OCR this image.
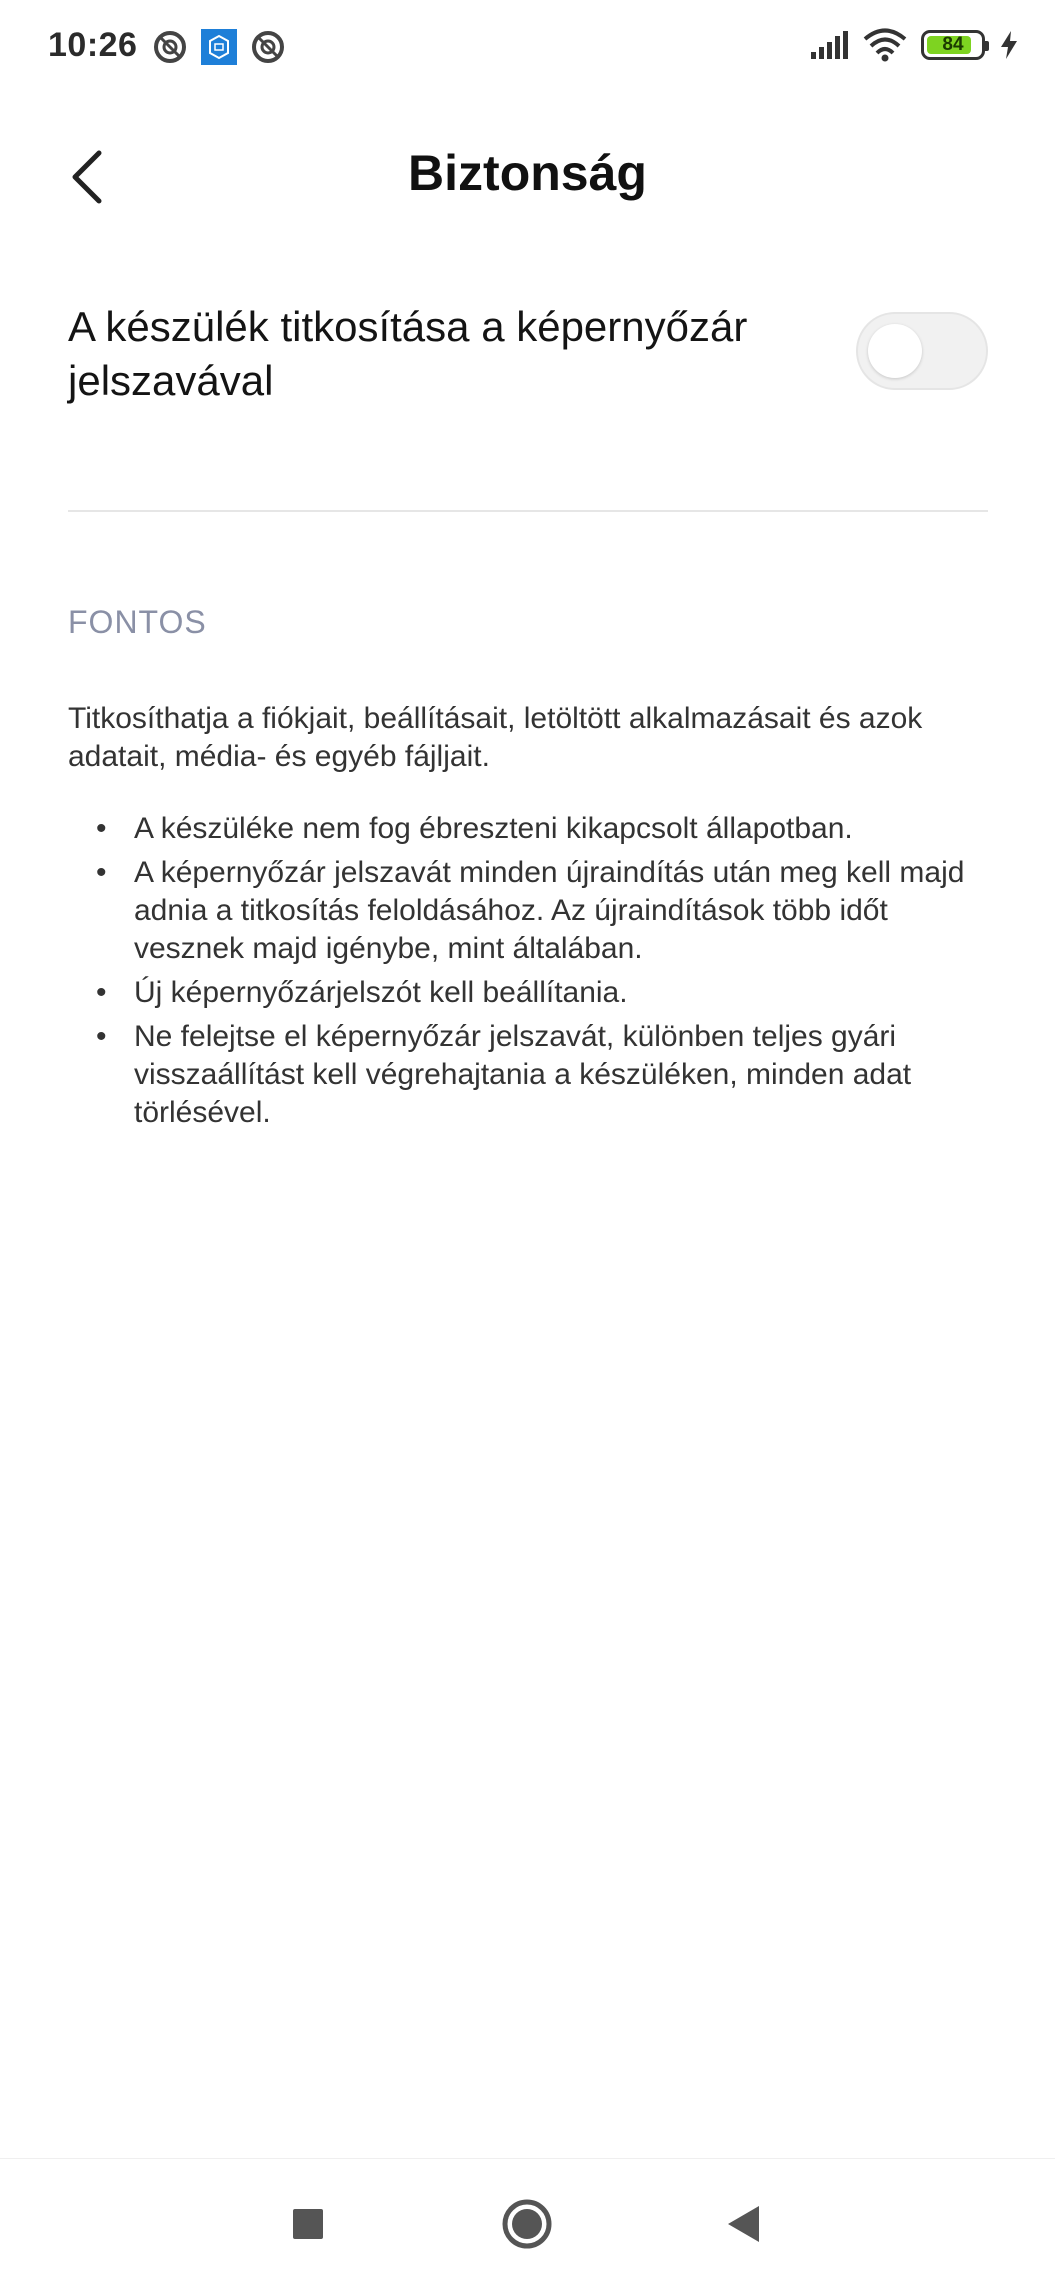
10:26	84
Biztonság
A készülék titkosítása a képernyőzár jelszavával
FONTOS
Titkosíthatja a fiókjait, beállításait, letöltött alkalmazásait és azok adatait, média- és egyéb fájljait.
• A készüléke nem fog ébreszteni kikapcsolt állapotban.
• A képernyőzár jelszavát minden újraindítás után meg kell majd adnia a titkosítás feloldásához. Az újraindítások több időt vesznek majd igénybe, mint általában.
• Új képernyőzárjelszót kell beállítania.
• Ne felejtse el képernyőzár jelszavát, különben teljes gyári visszaállítást kell végrehajtania a készüléken, minden adat törlésével.
